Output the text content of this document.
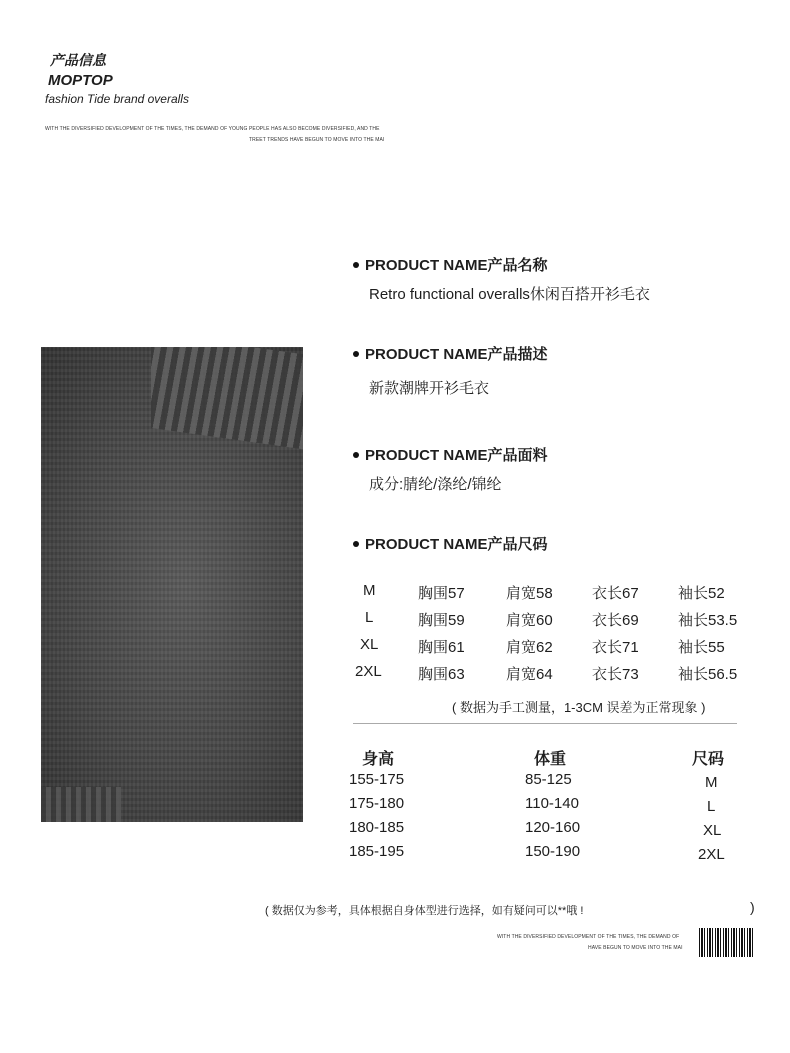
产品信息
MOPTOP
fashion Tide brand overalls
WITH THE DIVERSIFIED DEVELOPMENT OF THE TIMES, THE DEMAND OF YOUNG PEOPLE HAS ALSO BECOME DIVERSIFIED, AND THE
TREET TRENDS HAVE BEGUN TO MOVE INTO THE MAI
PRODUCT NAME产品名称
Retro functional overalls休闲百搭开衫毛衣
PRODUCT NAME产品描述
新款潮牌开衫毛衣
PRODUCT NAME产品面料
成分:腈纶/涤纶/锦纶
PRODUCT NAME产品尺码
M	胸围57	肩宽58	衣长67	袖长52
L	胸围59	肩宽60	衣长69	袖长53.5
XL	胸围61	肩宽62	衣长71	袖长55
2XL 胸围63	肩宽64	衣长73	袖长56.5
( 数据为手工测量，1-3CM 误差为正常现象 )
身高	体重	尺码
155-175	85-125	M
175-180	110-140	L
180-185	120-160	XL
185-195	150-190	2XL
( 数据仅为参考，具体根据自身体型进行选择，如有疑问可以**哦 !	)
WITH THE DIVERSIFIED DEVELOPMENT OF THE TIMES, THE DEMAND OF
HAVE BEGUN TO MOVE INTO THE MAI
